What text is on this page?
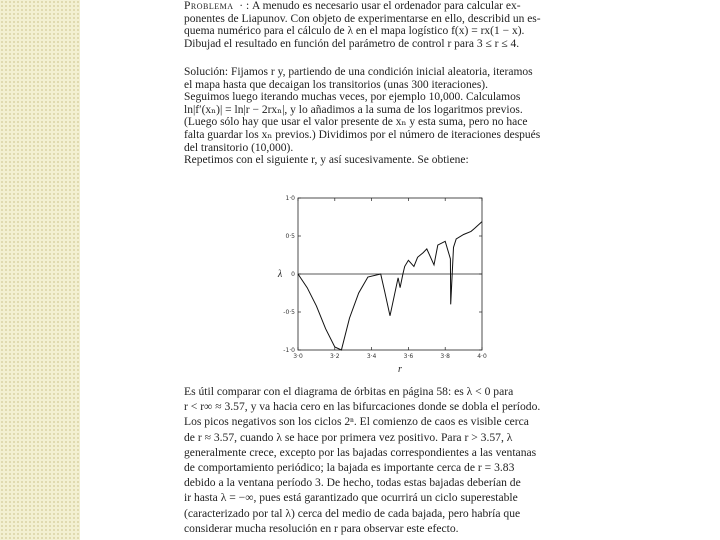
Problema · : A menudo es necesario usar el ordenador para calcular ex-
ponentes de Liapunov. Con objeto de experimentarse en ello, describid un es-
quema numérico para el cálculo de λ en el mapa logístico f(x) = rx(1 − x).
Dibujad el resultado en función del parámetro de control r para 3 ≤ r ≤ 4.

Solución: Fijamos r y, partiendo de una condición inicial aleatoria, iteramos
el mapa hasta que decaigan los transitorios (unas 300 iteraciones).
Seguimos luego iterando muchas veces, por ejemplo 10,000. Calculamos
ln|f′(xₙ)| = ln|r − 2rxₙ|, y lo añadimos a la suma de los logaritmos previos.
(Luego sólo hay que usar el valor presente de xₙ y esta suma, pero no hace
falta guardar los xₙ previos.) Dividimos por el número de iteraciones después
del transitorio (10,000).
Repetimos con el siguiente r, y así sucesivamente. Se obtiene:

1·0
0·5
0
-0·5
-1·0
3·0	3·2	3·4	3·6	3·8	4·0
λ
r

Es útil comparar con el diagrama de órbitas en página 58: es λ < 0 para
r < r∞ ≈ 3.57, y va hacia cero en las bifurcaciones donde se dobla el período.
Los picos negativos son los ciclos 2ⁿ. El comienzo de caos es visible cerca
de r ≈ 3.57, cuando λ se hace por primera vez positivo. Para r > 3.57, λ
generalmente crece, excepto por las bajadas correspondientes a las ventanas
de comportamiento periódico; la bajada es importante cerca de r = 3.83
debido a la ventana período 3. De hecho, todas estas bajadas deberían de
ir hasta λ = −∞, pues está garantizado que ocurrirá un ciclo superestable
(caracterizado por tal λ) cerca del medio de cada bajada, pero habría que
considerar mucha resolución en r para observar este efecto.
